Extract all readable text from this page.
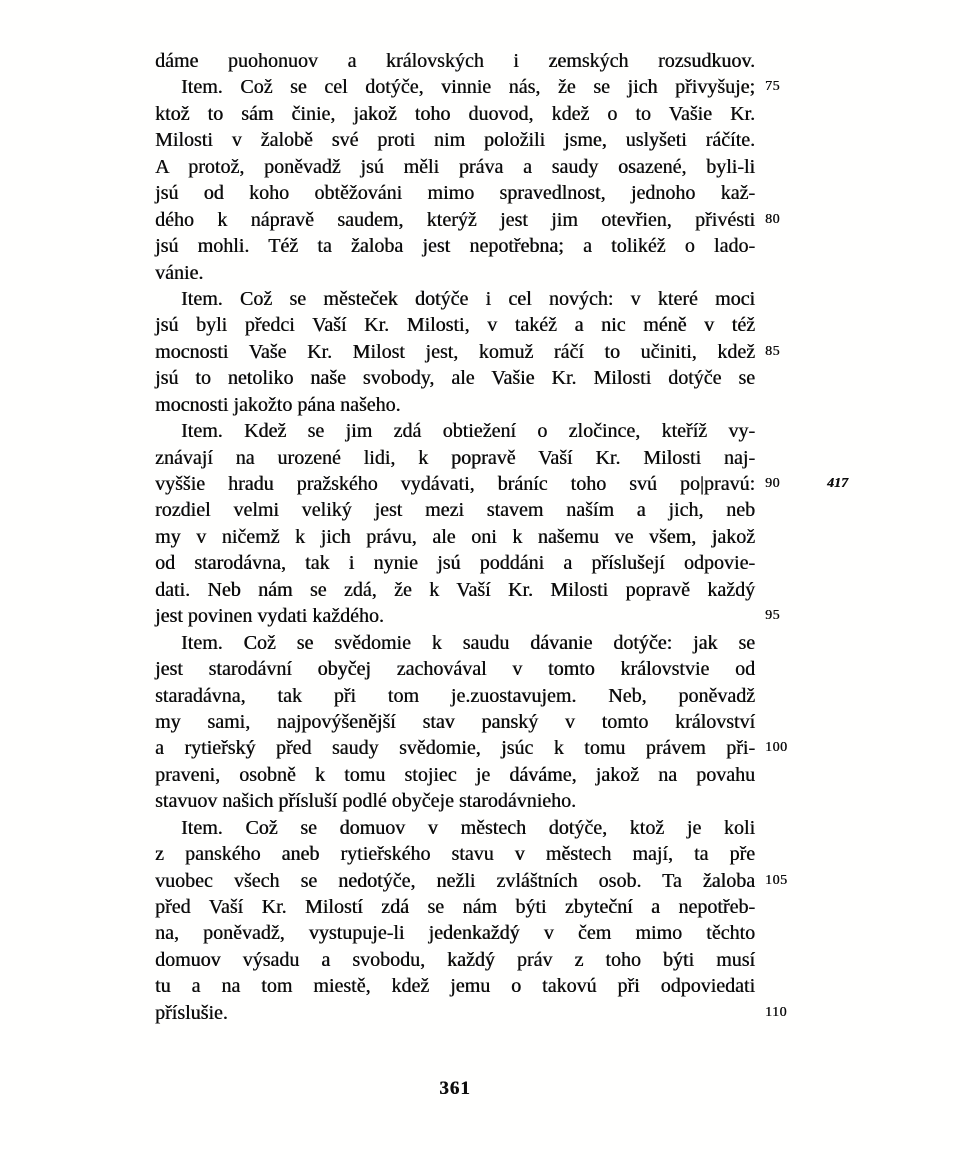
dáme puohonuov a královských i zemských rozsudkuov.
Item. Což se cel dotýče, vinnie nás, že se jich přivyšuje; 75
ktož to sám činie, jakož toho duovod, kdež o to Vašie Kr.
Milosti v žalobě své proti nim položili jsme, uslyšeti ráčíte.
A protož, poněvadž jsú měli práva a saudy osazené, byli-li
jsú od koho obtěžováni mimo spravedlnost, jednoho kaž-
dého k nápravě saudem, kterýž jest jim otevřien, přivésti 80
jsú mohli. Též ta žaloba jest nepotřebna; a tolikéž o lado-
vánie.
Item. Což se městeček dotýče i cel nových: v které moci
jsú byli předci Vaší Kr. Milosti, v takéž a nic méně v též
mocnosti Vaše Kr. Milost jest, komuž ráčí to učiniti, kdež 85
jsú to netoliko naše svobody, ale Vašie Kr. Milosti dotýče se
mocnosti jakožto pána našeho.
Item. Kdež se jim zdá obtiežení o zločince, kteříž vy-
znávají na urozené lidi, k popravě Vaší Kr. Milosti naj-
vyššie hradu pražského vydávati, bráníc toho svú po|pravú: 90	417
rozdiel velmi veliký jest mezi stavem naším a jich, neb
my v ničemž k jich právu, ale oni k našemu ve všem, jakož
od starodávna, tak i nynie jsú poddáni a příslušejí odpovie-
dati. Neb nám se zdá, že k Vaší Kr. Milosti popravě každý
jest povinen vydati každého.	95
Item. Což se svědomie k saudu dávanie dotýče: jak se
jest starodávní obyčej zachovával v tomto královstvie od
staradávna, tak při tom je.zuostavujem. Neb, poněvadž
my sami, najpovýšenější stav panský v tomto království
a rytieřský před saudy svědomie, jsúc k tomu právem při- 100
praveni, osobně k tomu stojiec je dáváme, jakož na povahu
stavuov našich přísluší podlé obyčeje starodávnieho.
Item. Což se domuov v městech dotýče, ktož je koli
z panského aneb rytieřského stavu v městech mají, ta pře
vuobec všech se nedotýče, nežli zvláštních osob. Ta žaloba 105
před Vaší Kr. Milostí zdá se nám býti zbyteční a nepotřeb-
na, poněvadž, vystupuje-li jedenkaždý v čem mimo těchto
domuov výsadu a svobodu, každý práv z toho býti musí
tu a na tom miestě, kdež jemu o takovú při odpoviedati
příslušie.	110
361
